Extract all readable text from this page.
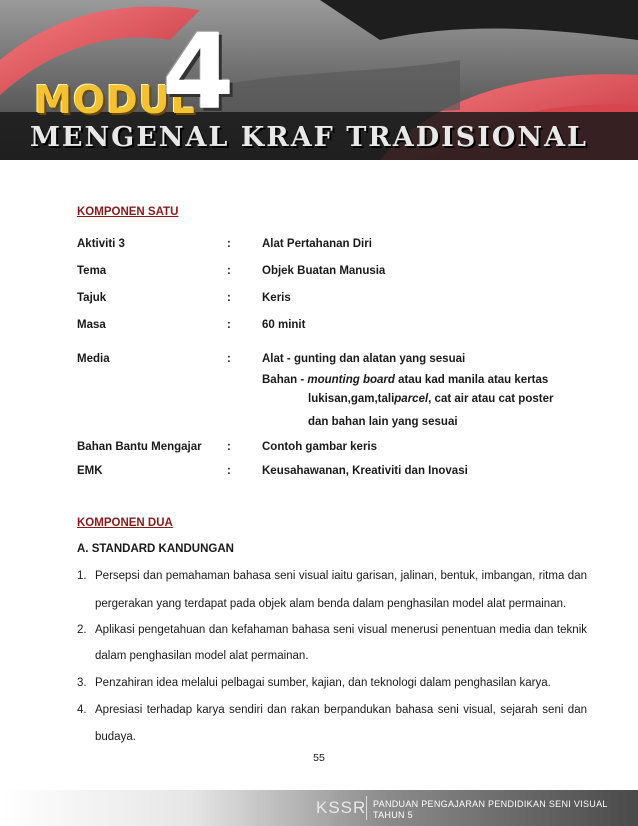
MODUL
4
MENGENAL KRAF TRADISIONAL
KOMPONEN SATU
Aktiviti 3	:	Alat Pertahanan Diri
Tema	:	Objek Buatan Manusia
Tajuk	:	Keris
Masa	:	60 minit
Media	:	Alat - gunting dan alatan yang sesuai
Bahan - mounting board atau kad manila atau kertas
lukisan,gam,taliparcel, cat air atau cat poster
dan bahan lain yang sesuai
Bahan Bantu Mengajar :	Contoh gambar keris
EMK	:	Keusahawanan, Kreativiti dan Inovasi
KOMPONEN DUA
A. STANDARD KANDUNGAN
1. Persepsi dan pemahaman bahasa seni visual iaitu garisan, jalinan, bentuk, imbangan, ritma dan
pergerakan yang terdapat pada objek alam benda dalam penghasilan model alat permainan.
2. Aplikasi pengetahuan dan kefahaman bahasa seni visual menerusi penentuan media dan teknik
dalam penghasilan model alat permainan.
3. Penzahiran idea melalui pelbagai sumber, kajian, dan teknologi dalam penghasilan karya.
4. Apresiasi terhadap karya sendiri dan rakan berpandukan bahasa seni visual, sejarah seni dan
budaya.
55
KSSR PANDUAN PENGAJARAN PENDIDIKAN SENI VISUAL
TAHUN 5
